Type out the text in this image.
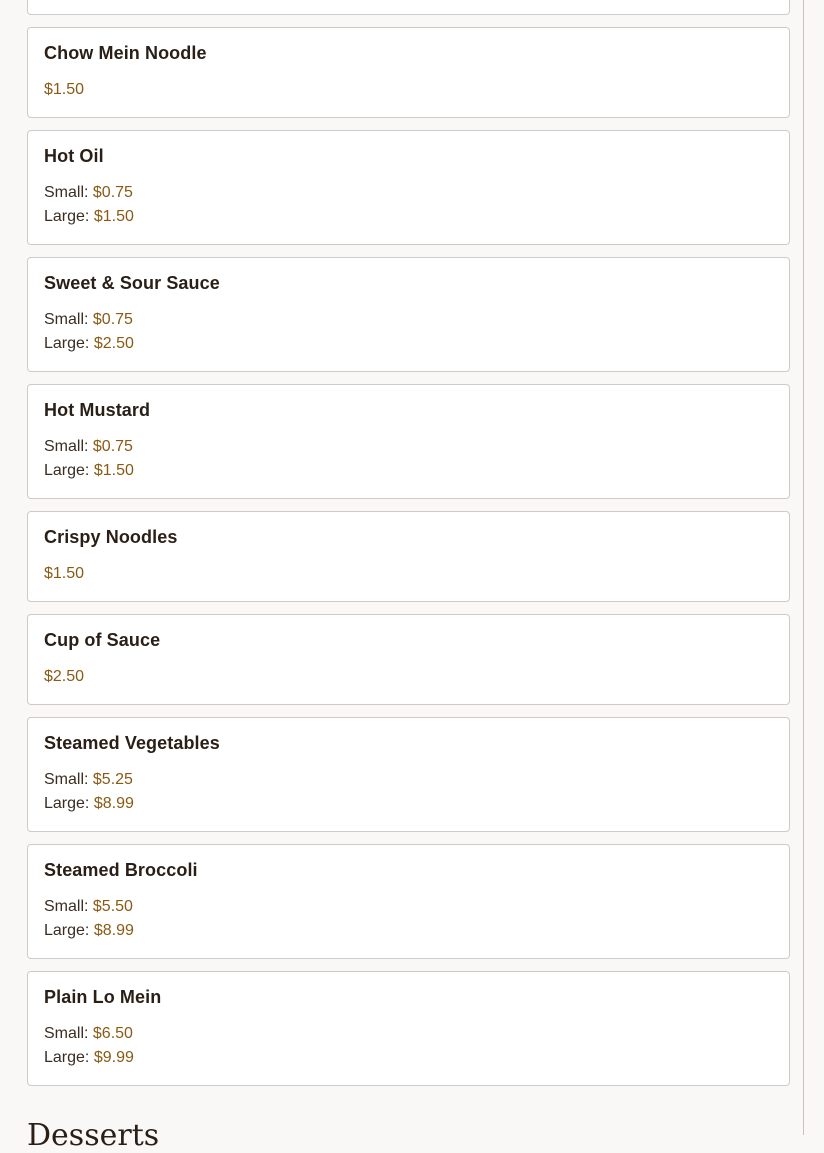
Chow Mein Noodle
$1.50
Hot Oil
Small: $0.75
Large: $1.50
Sweet & Sour Sauce
Small: $0.75
Large: $2.50
Hot Mustard
Small: $0.75
Large: $1.50
Crispy Noodles
$1.50
Cup of Sauce
$2.50
Steamed Vegetables
Small: $5.25
Large: $8.99
Steamed Broccoli
Small: $5.50
Large: $8.99
Plain Lo Mein
Small: $6.50
Large: $9.99
Desserts
